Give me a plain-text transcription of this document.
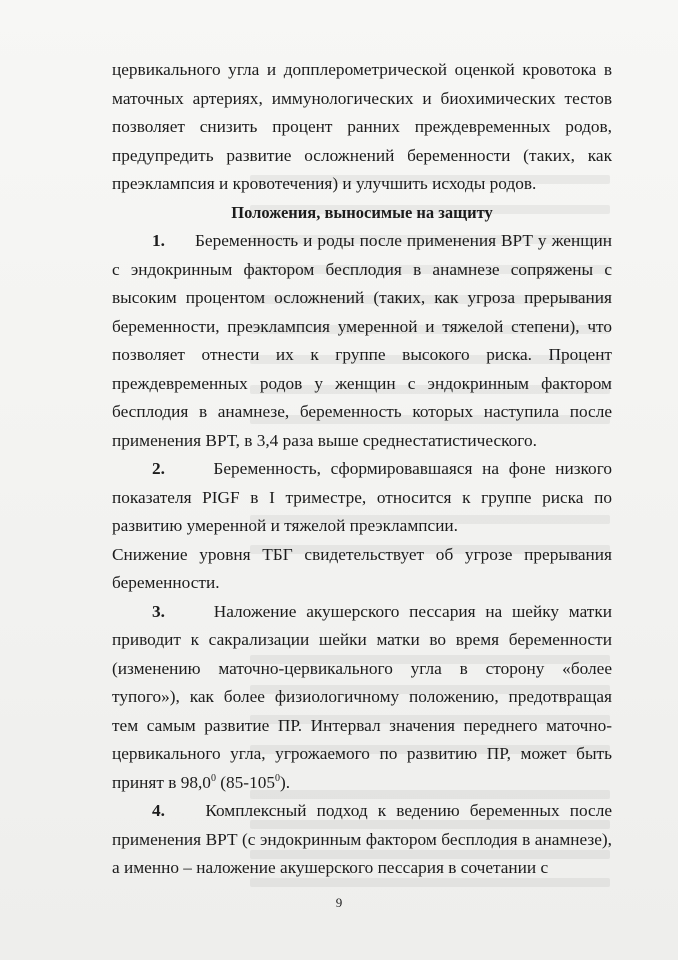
цервикального угла и допплерометрической оценкой кровотока в маточных артериях, иммунологических и биохимических тестов позволяет снизить процент ранних преждевременных родов, предупредить развитие осложнений беременности (таких, как преэклампсия и кровотечения) и улучшить исходы родов.

Положения, выносимые на защиту

1. Беременность и роды после применения ВРТ у женщин с эндокринным фактором бесплодия в анамнезе сопряжены с высоким процентом осложнений (таких, как угроза прерывания беременности, преэклампсия умеренной и тяжелой степени), что позволяет отнести их к группе высокого риска. Процент преждевременных родов у женщин с эндокринным фактором бесплодия в анамнезе, беременность которых наступила после применения ВРТ, в 3,4 раза выше среднестатистического.

2.	Беременность, сформировавшаяся на фоне низкого показателя PIGF в I триместре, относится к группе риска по развитию умеренной и тяжелой преэклампсии.

Снижение уровня ТБГ свидетельствует об угрозе прерывания беременности.

3.	Наложение акушерского пессария на шейку матки приводит к сакрализации шейки матки во время беременности (изменению маточно-цервикального угла в сторону «более тупого»), как более физиологичному положению, предотвращая тем самым развитие ПР. Интервал значения переднего маточно-цервикального угла, угрожаемого по развитию ПР, может быть принят в 98,0$^0$ $(85-105^0)$.

4. Комплексный подход к ведению беременных после применения ВРТ (с эндокринным фактором бесплодия в анамнезе), а именно – наложение акушерского пессария в сочетании с

9
